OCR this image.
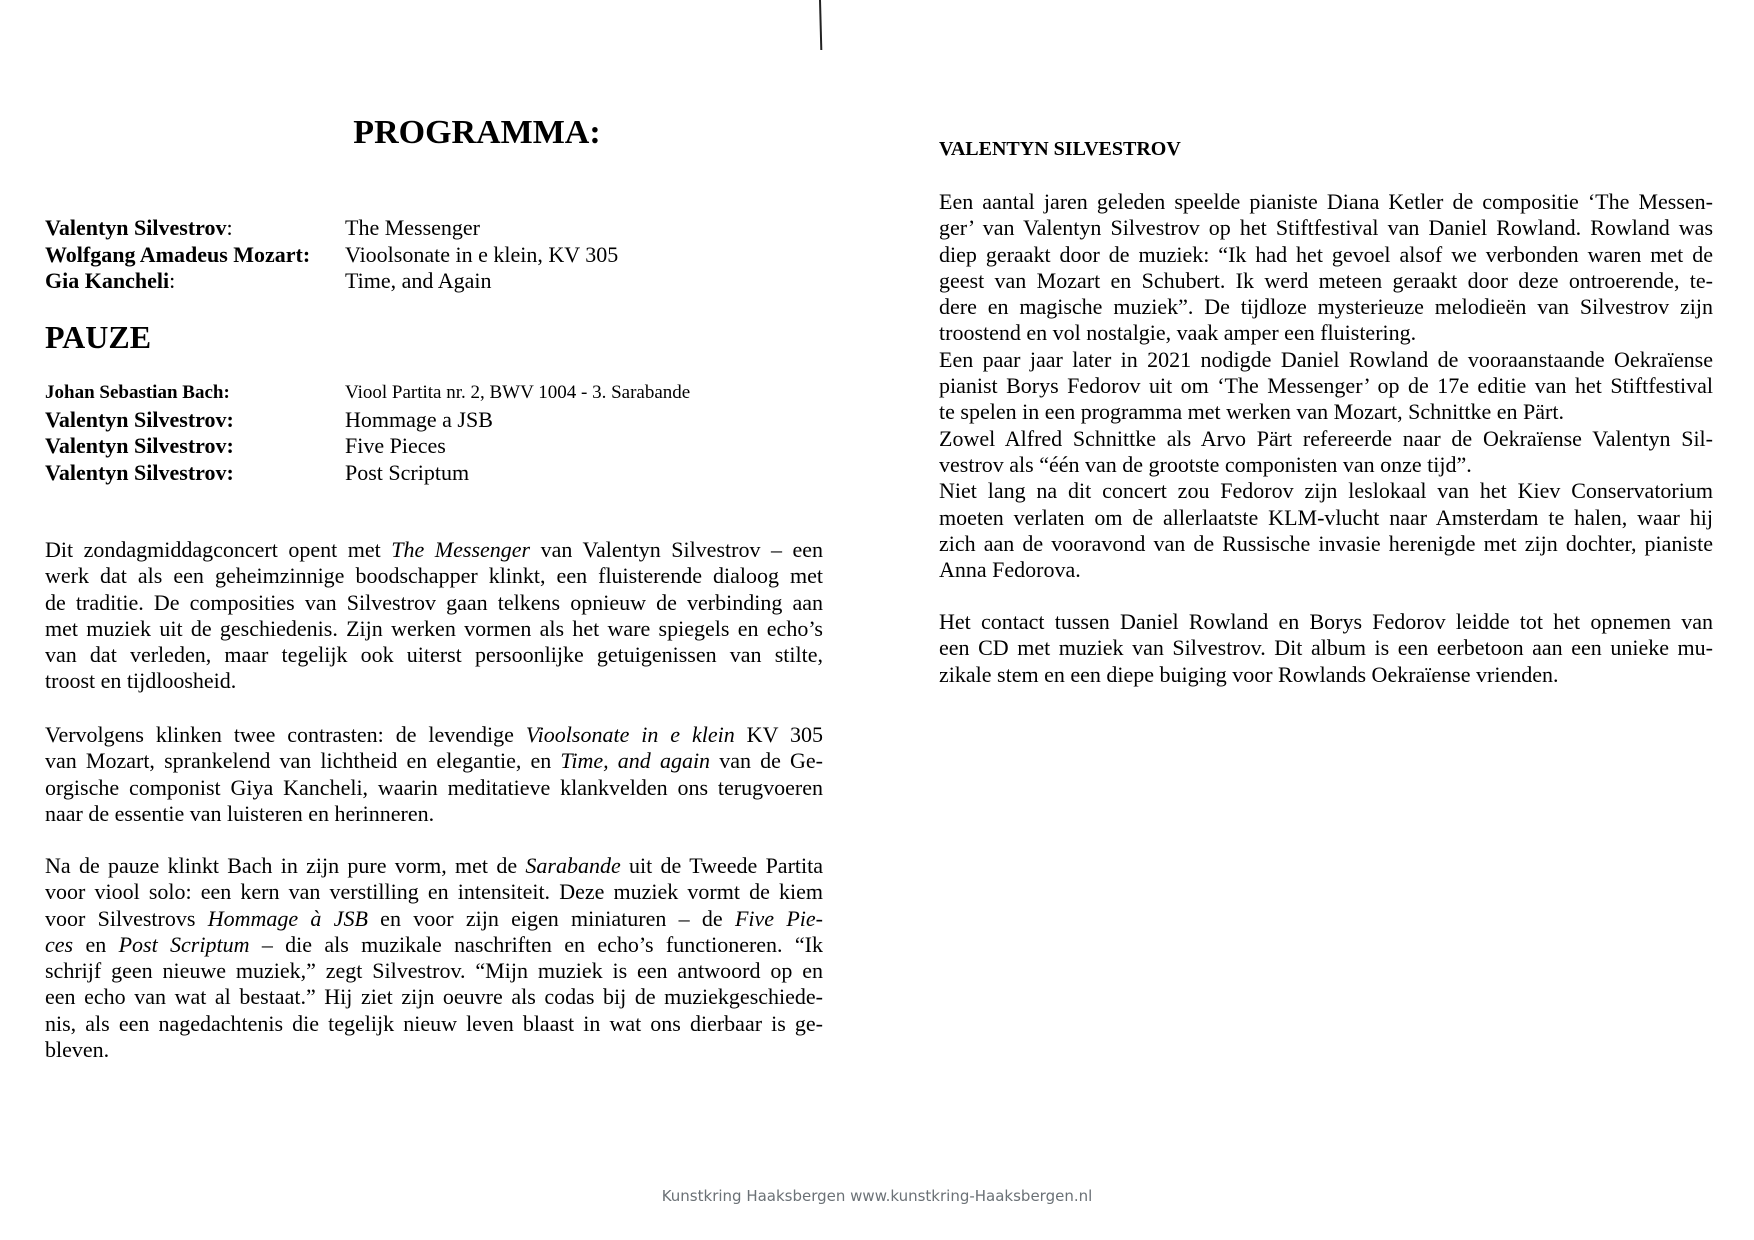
PROGRAMMA:
Valentyn Silvestrov:	The Messenger
Wolfgang Amadeus Mozart: Vioolsonate in e klein, KV 305
Gia Kancheli:	Time, and Again
PAUZE
Johan Sebastian Bach:	Viool Partita nr. 2, BWV 1004 - 3. Sarabande
Valentyn Silvestrov:	Hommage a JSB
Valentyn Silvestrov:	Five Pieces
Valentyn Silvestrov:	Post Scriptum
Dit zondagmiddagconcert opent met The Messenger van Valentyn Silvestrov – een
werk dat als een geheimzinnige boodschapper klinkt, een fluisterende dialoog met
de traditie. De composities van Silvestrov gaan telkens opnieuw de verbinding aan
met muziek uit de geschiedenis. Zijn werken vormen als het ware spiegels en echo’s
van dat verleden, maar tegelijk ook uiterst persoonlijke getuigenissen van stilte,
troost en tijdloosheid.
Vervolgens klinken twee contrasten: de levendige Vioolsonate in e klein KV 305
van Mozart, sprankelend van lichtheid en elegantie, en Time, and again van de Ge-
orgische componist Giya Kancheli, waarin meditatieve klankvelden ons terugvoeren
naar de essentie van luisteren en herinneren.
Na de pauze klinkt Bach in zijn pure vorm, met de Sarabande uit de Tweede Partita
voor viool solo: een kern van verstilling en intensiteit. Deze muziek vormt de kiem
voor Silvestrovs Hommage à JSB en voor zijn eigen miniaturen – de Five Pie-
ces en Post Scriptum – die als muzikale naschriften en echo’s functioneren. “Ik
schrijf geen nieuwe muziek,” zegt Silvestrov. “Mijn muziek is een antwoord op en
een echo van wat al bestaat.” Hij ziet zijn oeuvre als codas bij de muziekgeschiede-
nis, als een nagedachtenis die tegelijk nieuw leven blaast in wat ons dierbaar is ge-
bleven.
VALENTYN SILVESTROV
Een aantal jaren geleden speelde pianiste Diana Ketler de compositie ‘The Messen-
ger’ van Valentyn Silvestrov op het Stiftfestival van Daniel Rowland. Rowland was
diep geraakt door de muziek: “Ik had het gevoel alsof we verbonden waren met de
geest van Mozart en Schubert. Ik werd meteen geraakt door deze ontroerende, te-
dere en magische muziek”. De tijdloze mysterieuze melodieën van Silvestrov zijn
troostend en vol nostalgie, vaak amper een fluistering.
Een paar jaar later in 2021 nodigde Daniel Rowland de vooraanstaande Oekraïense
pianist Borys Fedorov uit om ‘The Messenger’ op de 17e editie van het Stiftfestival
te spelen in een programma met werken van Mozart, Schnittke en Pärt.
Zowel Alfred Schnittke als Arvo Pärt refereerde naar de Oekraïense Valentyn Sil-
vestrov als “één van de grootste componisten van onze tijd”.
Niet lang na dit concert zou Fedorov zijn leslokaal van het Kiev Conservatorium
moeten verlaten om de allerlaatste KLM-vlucht naar Amsterdam te halen, waar hij
zich aan de vooravond van de Russische invasie herenigde met zijn dochter, pianiste
Anna Fedorova.
Het contact tussen Daniel Rowland en Borys Fedorov leidde tot het opnemen van
een CD met muziek van Silvestrov. Dit album is een eerbetoon aan een unieke mu-
zikale stem en een diepe buiging voor Rowlands Oekraïense vrienden.
Kunstkring Haaksbergen www.kunstkring-Haaksbergen.nl
